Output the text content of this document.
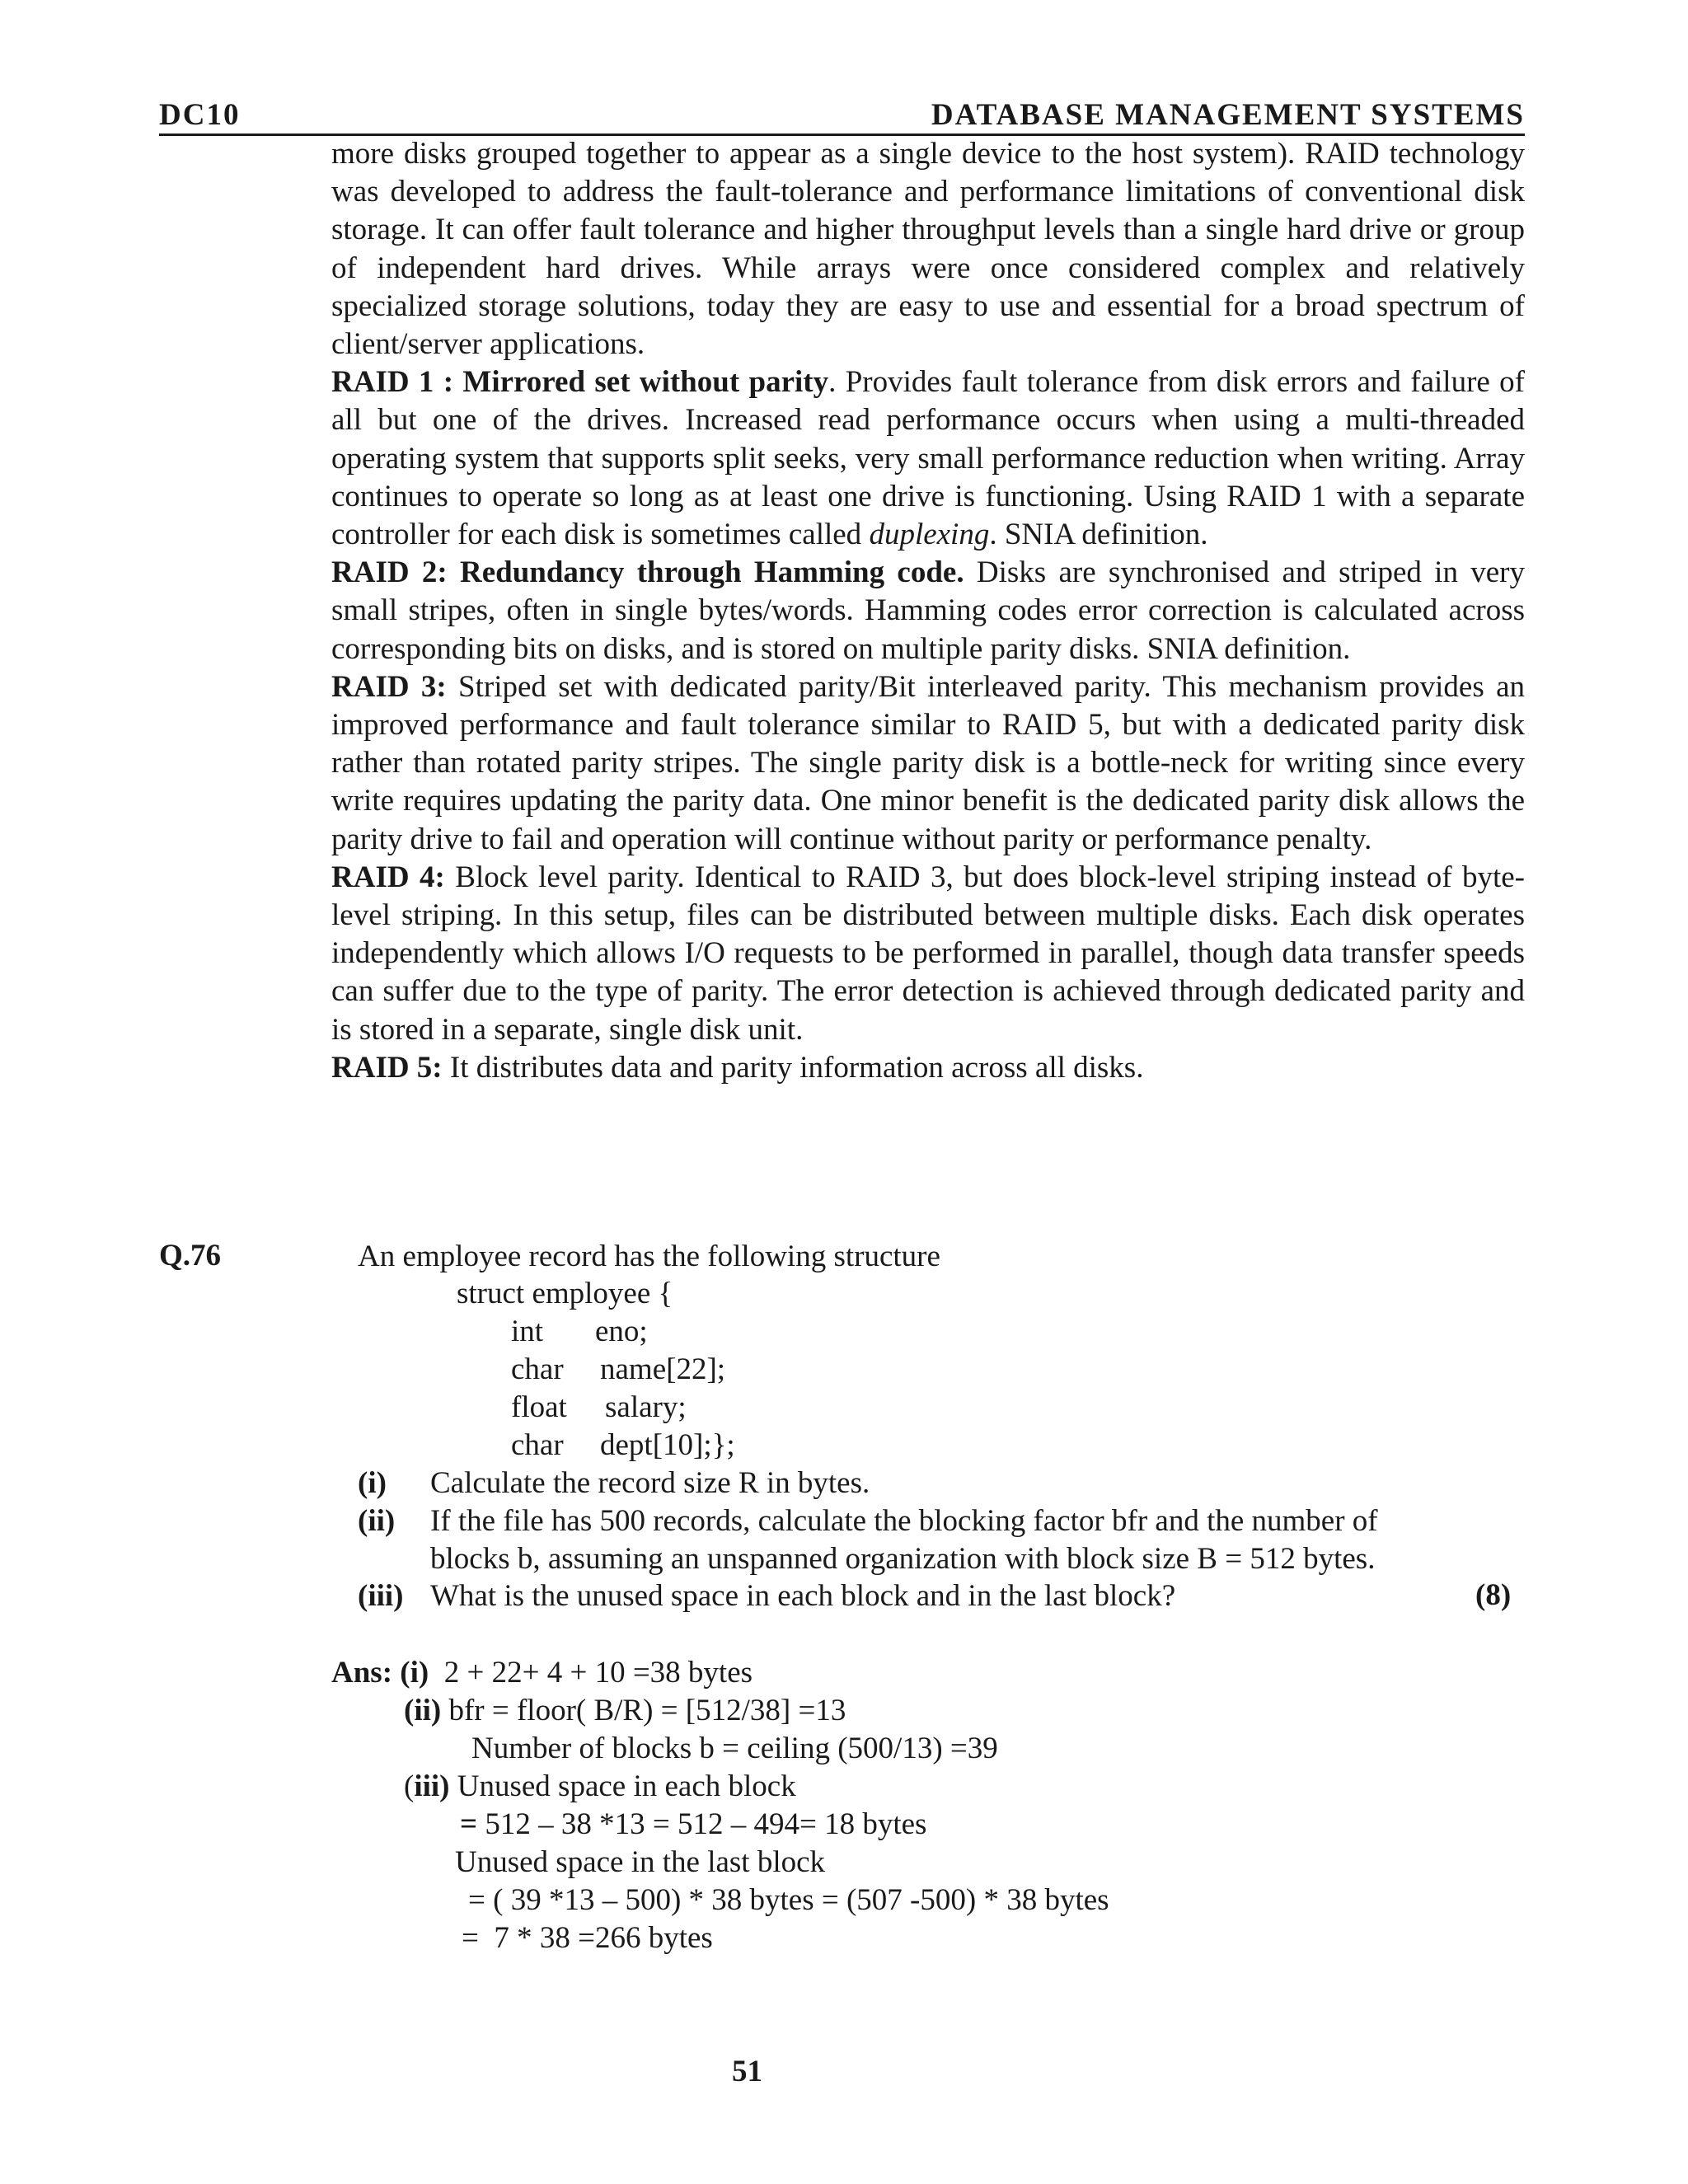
DC10	DATABASE MANAGEMENT SYSTEMS

more disks grouped together to appear as a single device to the host system). RAID technology was developed to address the fault-tolerance and performance limitations of conventional disk storage. It can offer fault tolerance and higher throughput levels than a single hard drive or group of independent hard drives. While arrays were once considered complex and relatively specialized storage solutions, today they are easy to use and essential for a broad spectrum of client/server applications.

RAID 1 : Mirrored set without parity. Provides fault tolerance from disk errors and failure of all but one of the drives. Increased read performance occurs when using a multi-threaded operating system that supports split seeks, very small performance reduction when writing. Array continues to operate so long as at least one drive is functioning. Using RAID 1 with a separate controller for each disk is sometimes called duplexing. SNIA definition.

RAID 2: Redundancy through Hamming code. Disks are synchronised and striped in very small stripes, often in single bytes/words. Hamming codes error correction is calculated across corresponding bits on disks, and is stored on multiple parity disks. SNIA definition.

RAID 3: Striped set with dedicated parity/Bit interleaved parity. This mechanism provides an improved performance and fault tolerance similar to RAID 5, but with a dedicated parity disk rather than rotated parity stripes. The single parity disk is a bottle-neck for writing since every write requires updating the parity data. One minor benefit is the dedicated parity disk allows the parity drive to fail and operation will continue without parity or performance penalty.

RAID 4: Block level parity. Identical to RAID 3, but does block-level striping instead of byte-level striping. In this setup, files can be distributed between multiple disks. Each disk operates independently which allows I/O requests to be performed in parallel, though data transfer speeds can suffer due to the type of parity. The error detection is achieved through dedicated parity and is stored in a separate, single disk unit.

RAID 5: It distributes data and parity information across all disks.

Q.76	An employee record has the following structure
struct employee {
int eno;
char name[22];
float salary;
char dept[10];};
(i) Calculate the record size R in bytes.
(ii) If the file has 500 records, calculate the blocking factor bfr and the number of blocks b, assuming an unspanned organization with block size B = 512 bytes.
(iii) What is the unused space in each block and in the last block?	(8)
Ans: (i) 2 + 22+ 4 + 10 =38 bytes
(ii) bfr = floor( B/R) = [512/38] =13
Number of blocks b = ceiling (500/13) =39
(iii) Unused space in each block
= 512 – 38 *13 = 512 – 494= 18 bytes
Unused space in the last block
= ( 39 *13 – 500) * 38 bytes = (507 -500) * 38 bytes
=  7 * 38 =266 bytes
51
